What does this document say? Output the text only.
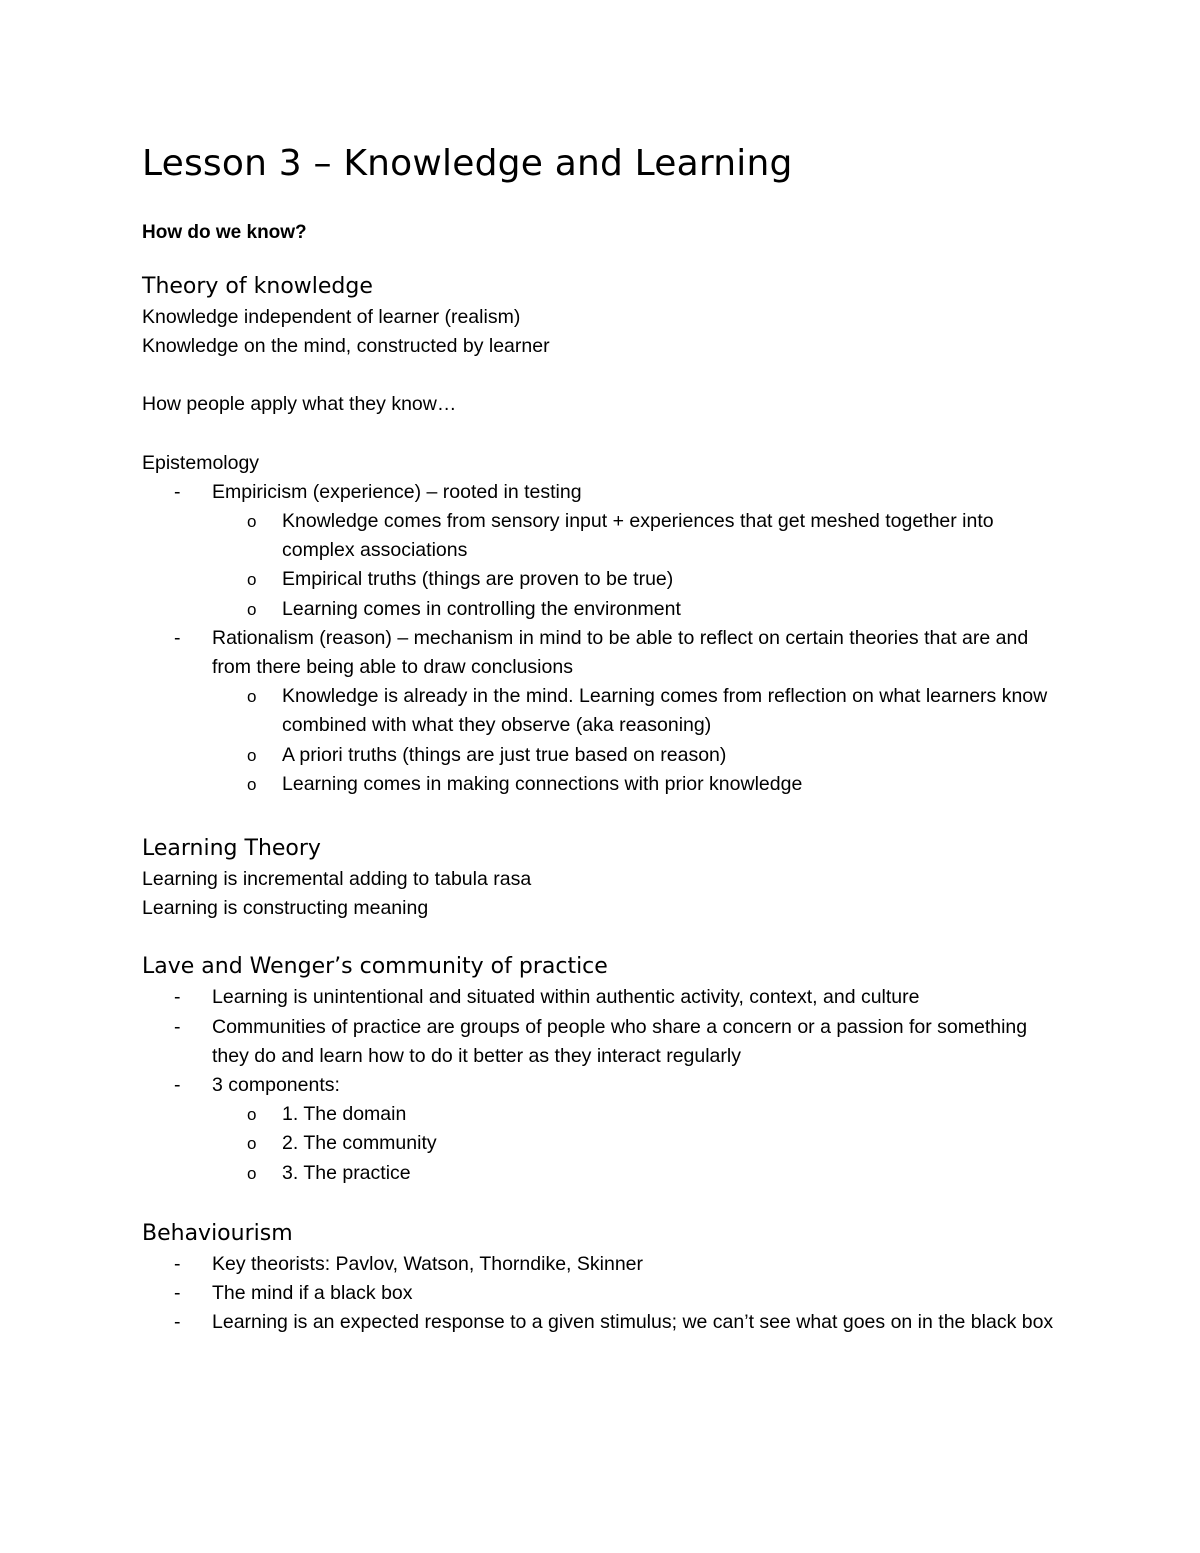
Lesson 3 – Knowledge and Learning
How do we know?
Theory of knowledge
Knowledge independent of learner (realism)
Knowledge on the mind, constructed by learner
How people apply what they know…
Epistemology
- Empiricism (experience) – rooted in testing
o Knowledge comes from sensory input + experiences that get meshed together into complex associations
o Empirical truths (things are proven to be true)
o Learning comes in controlling the environment
- Rationalism (reason) – mechanism in mind to be able to reflect on certain theories that are and from there being able to draw conclusions
o Knowledge is already in the mind. Learning comes from reflection on what learners know combined with what they observe (aka reasoning)
o A priori truths (things are just true based on reason)
o Learning comes in making connections with prior knowledge
Learning Theory
Learning is incremental adding to tabula rasa
Learning is constructing meaning
Lave and Wenger’s community of practice
- Learning is unintentional and situated within authentic activity, context, and culture
- Communities of practice are groups of people who share a concern or a passion for something they do and learn how to do it better as they interact regularly
- 3 components:
o 1. The domain
o 2. The community
o 3. The practice
Behaviourism
- Key theorists: Pavlov, Watson, Thorndike, Skinner
- The mind if a black box
- Learning is an expected response to a given stimulus; we can’t see what goes on in the black box
